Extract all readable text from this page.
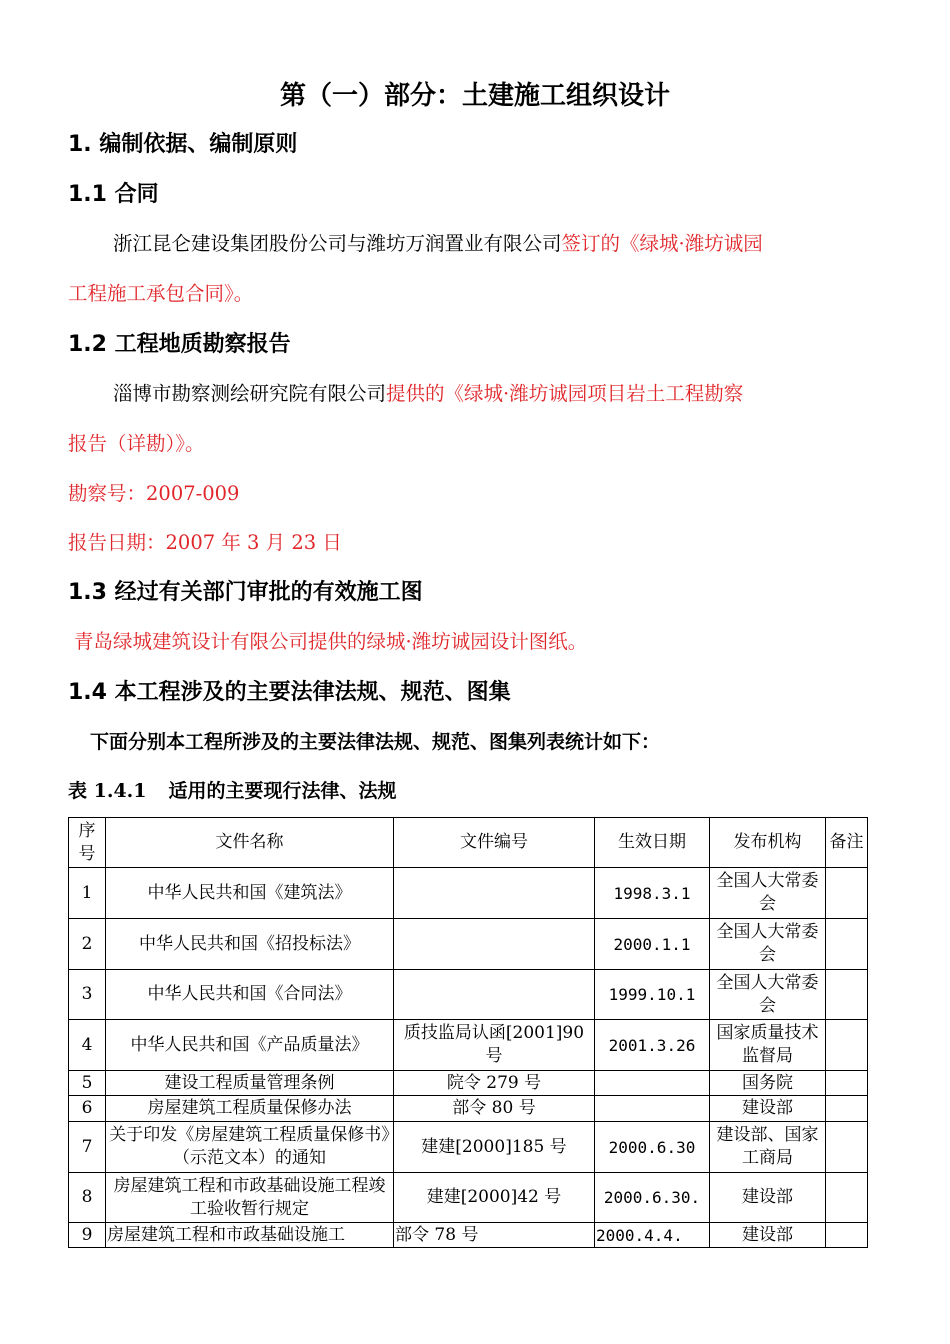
第（一）部分：土建施工组织设计
1. 编制依据、编制原则
1.1 合同
浙江昆仑建设集团股份公司与潍坊万润置业有限公司签订的《绿城·潍坊诚园
工程施工承包合同》。
1.2 工程地质勘察报告
淄博市勘察测绘研究院有限公司提供的《绿城·潍坊诚园项目岩土工程勘察
报告（详勘）》。
勘察号：2007-009
报告日期：2007 年 3 月 23 日
1.3 经过有关部门审批的有效施工图
青岛绿城建筑设计有限公司提供的绿城·潍坊诚园设计图纸。
1.4 本工程涉及的主要法律法规、规范、图集
下面分别本工程所涉及的主要法律法规、规范、图集列表统计如下：
表 1.4.1 适用的主要现行法律、法规
序号	文件名称	文件编号	生效日期	发布机构	备注
1	中华人民共和国《建筑法》		1998.3.1	全国人大常委会	
2	中华人民共和国《招投标法》		2000.1.1	全国人大常委会	
3	中华人民共和国《合同法》		1999.10.1	全国人大常委会	
4	中华人民共和国《产品质量法》	质技监局认函[2001]90号	2001.3.26	国家质量技术监督局	
5	建设工程质量管理条例	院令 279 号		国务院	
6	房屋建筑工程质量保修办法	部令 80 号		建设部	
7	关于印发《房屋建筑工程质量保修书》（示范文本）的通知	建建[2000]185 号	2000.6.30	建设部、国家工商局	
8	房屋建筑工程和市政基础设施工程竣工验收暂行规定	建建[2000]42 号	2000.6.30.	建设部	
9	房屋建筑工程和市政基础设施工	部令 78 号	2000.4.4.	建设部	
